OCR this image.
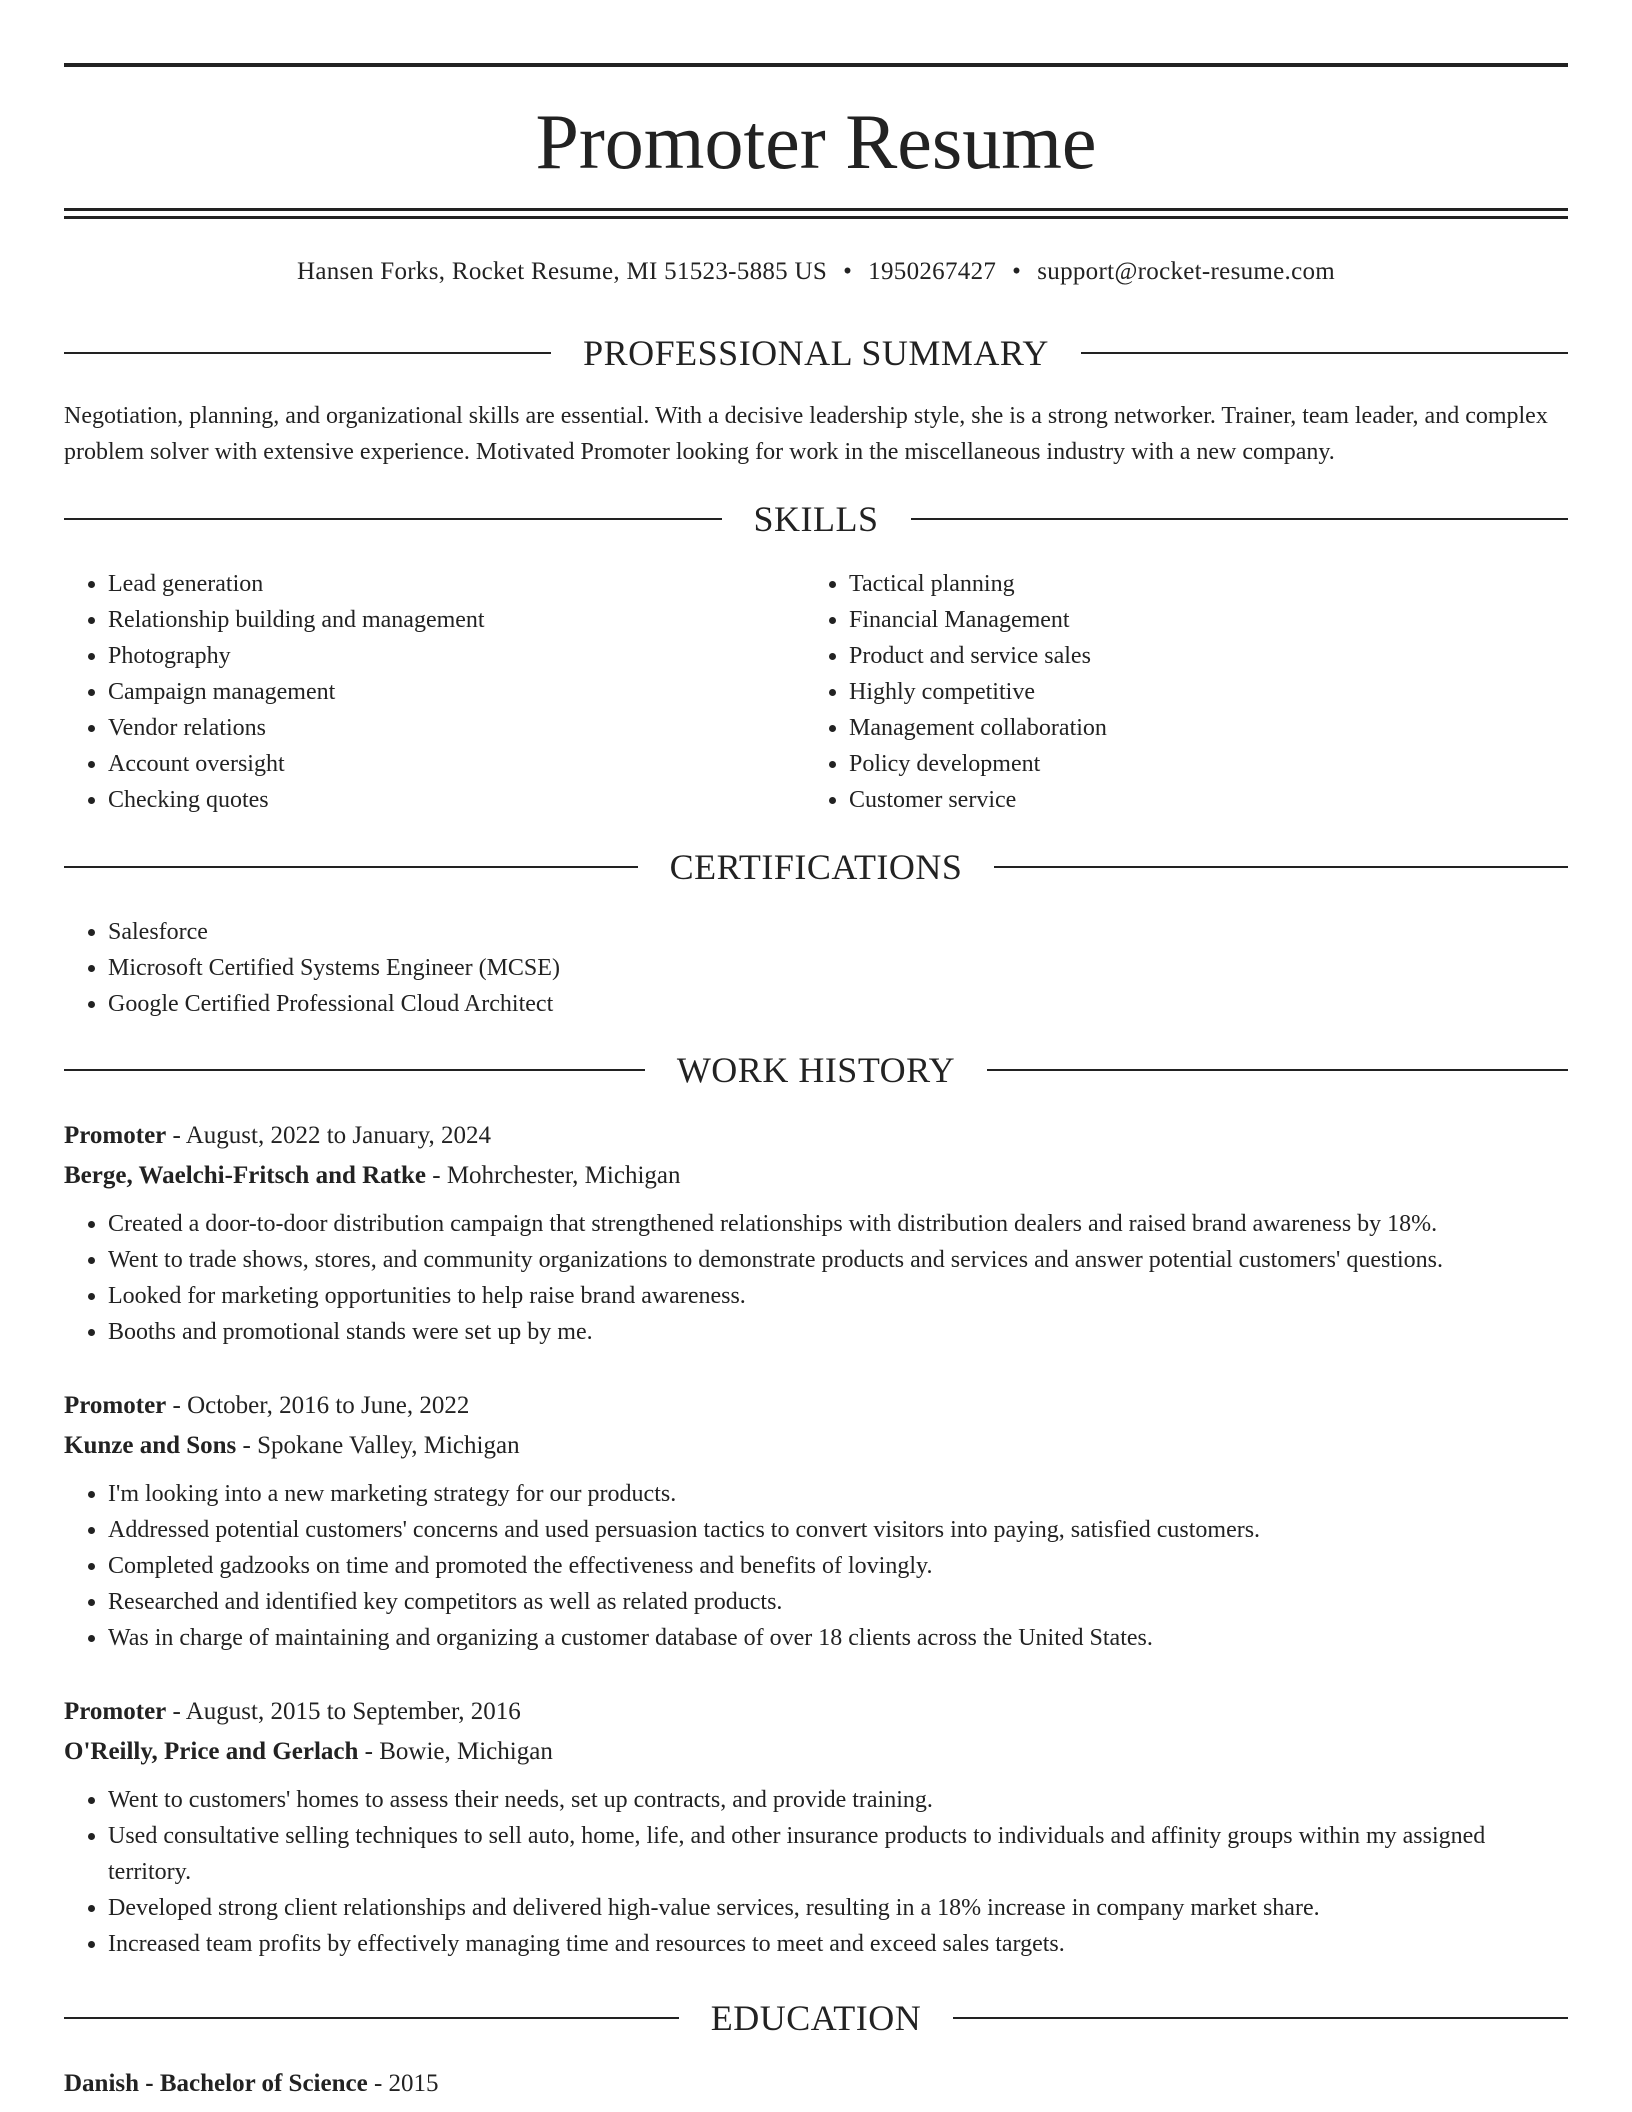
Promoter Resume
Hansen Forks, Rocket Resume, MI 51523-5885 US • 1950267427 • support@rocket-resume.com
PROFESSIONAL SUMMARY
Negotiation, planning, and organizational skills are essential. With a decisive leadership style, she is a strong networker. Trainer, team leader, and complex problem solver with extensive experience. Motivated Promoter looking for work in the miscellaneous industry with a new company.
SKILLS
• Lead generation
• Relationship building and management
• Photography
• Campaign management
• Vendor relations
• Account oversight
• Checking quotes
• Tactical planning
• Financial Management
• Product and service sales
• Highly competitive
• Management collaboration
• Policy development
• Customer service
CERTIFICATIONS
• Salesforce
• Microsoft Certified Systems Engineer (MCSE)
• Google Certified Professional Cloud Architect
WORK HISTORY
Promoter - August, 2022 to January, 2024
Berge, Waelchi-Fritsch and Ratke - Mohrchester, Michigan
• Created a door-to-door distribution campaign that strengthened relationships with distribution dealers and raised brand awareness by 18%.
• Went to trade shows, stores, and community organizations to demonstrate products and services and answer potential customers' questions.
• Looked for marketing opportunities to help raise brand awareness.
• Booths and promotional stands were set up by me.
Promoter - October, 2016 to June, 2022
Kunze and Sons - Spokane Valley, Michigan
• I'm looking into a new marketing strategy for our products.
• Addressed potential customers' concerns and used persuasion tactics to convert visitors into paying, satisfied customers.
• Completed gadzooks on time and promoted the effectiveness and benefits of lovingly.
• Researched and identified key competitors as well as related products.
• Was in charge of maintaining and organizing a customer database of over 18 clients across the United States.
Promoter - August, 2015 to September, 2016
O'Reilly, Price and Gerlach - Bowie, Michigan
• Went to customers' homes to assess their needs, set up contracts, and provide training.
• Used consultative selling techniques to sell auto, home, life, and other insurance products to individuals and affinity groups within my assigned territory.
• Developed strong client relationships and delivered high-value services, resulting in a 18% increase in company market share.
• Increased team profits by effectively managing time and resources to meet and exceed sales targets.
EDUCATION
Danish - Bachelor of Science - 2015
